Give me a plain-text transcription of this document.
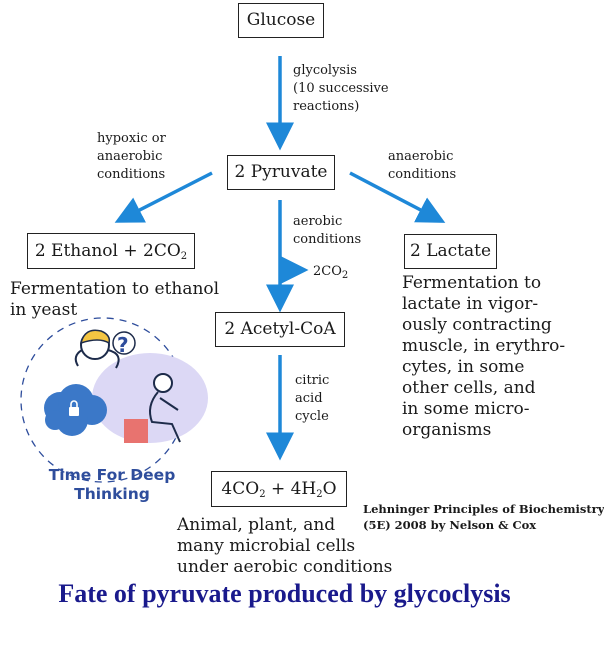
Glucose
2 Pyruvate
2 Ethanol + $2CO_2$	2 Lactate
2 Acetyl-CoA
$4CO_2 + 4H_2O$
glycolysis
(10 successive
reactions)
hypoxic or
anaerobic
conditions
anaerobic
conditions
aerobic
conditions
$2CO_2$
citric
acid
cycle
Fermentation to ethanol
in yeast
Fermentation to
lactate in vigor-
ously contracting
muscle, in erythro-
cytes, in some
other cells, and
in some micro-
organisms
Animal, plant, and
many microbial cells
under aerobic conditions
?
Time For Deep
Thinking
Lehninger Principles of Biochemistry
(5E) 2008 by Nelson & Cox
Fate of pyruvate produced by glycoclysis
